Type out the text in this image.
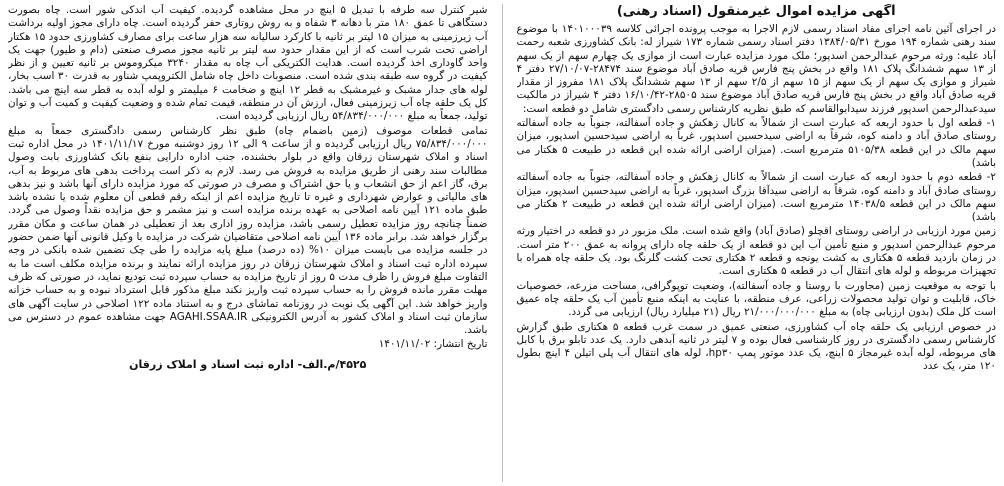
آگهی مزایده اموال غیرمنقول (اسناد رهنی)

در اجرای آئین نامه اجرای مفاد اسناد رسمی لازم الاجرا به موجب پرونده اجرائی کلاسه ۱۴۰۱۰۰۰۳۹ با موضوع سند رهنی شماره ۱۹۴ مورخ ۱۳۸۴/۰۵/۳۱ دفتر اسناد رسمی شماره ۱۷۳ شیراز له: بانک کشاورزی شعبه رحمت آباد علیه: ورثه مرحوم عبدالرحمن اسدپور؛ ملک مورد مزایده عبارت است از موازی یک چهارم سهم از یک سهم از ۱۳ سهم ششدانگ پلاک ۱۸۱ واقع در بخش پنج فارس قریه صادق آباد موضوع سند ۲۸۴۷۴-۲۷/۱۰/۰۷ دفتر ۴ شیراز و موازی یک سهم از یک سهم از ۱۵ سهم از ۲/۵ سهم از ۱۳ سهم ششدانگ پلاک ۱۸۱ مفروز از مقدار قریه صادق آباد واقع در بخش پنج فارس قریه صادق آباد موضوع سند ۲۸۵۰۵-۱۶/۱۰/۴۲ دفتر ۴ شیراز در مالکیت سیدعبدالرحمن اسدپور فرزند سیدابوالقاسم که طبق نظریه کارشناس رسمی دادگستری شامل دو قطعه است:

۱- قطعه اول با حدود اربعه که عبارت است از شمالاً به کانال زهکش و جاده آسفالته، جنوباً به جاده آسفالته روستای صادق آباد و دامنه کوه، شرقاً به اراضی سیدحسین اسدپور، غرباً به اراضی سیدحسین اسدپور، میزان سهم مالک در این قطعه ۵۱۰۵/۳۸ مترمربع است. (میزان اراضی ارائه شده این قطعه در طبیعت ۵ هکتار می باشد)

۲- قطعه دوم با حدود اربعه که عبارت است از شمالاً به کانال زهکش و جاده آسفالته، جنوباً به جاده آسفالته روستای صادق آباد و دامنه کوه، شرقاً به اراضی سیدآقا بزرگ اسدپور، غرباً به اراضی سیدحسین اسدپور، میزان سهم مالک در این قطعه ۱۴۰۳۸/۵ مترمربع است. (میزان اراضی ارائه شده این قطعه در طبیعت ۲ هکتار می باشد)

زمین مورد ارزیابی در اراضی روستای اقچلو (صادق آباد) واقع شده است. ملک مزبور در دو قطعه در اختیار ورثه مرحوم عبدالرحمن اسدپور و منبع تأمین آب این دو قطعه از یک حلقه چاه دارای پروانه به عمق ۲۰۰ متر است. در زمان بازدید قطعه ۵ هکتاری به کشت یونجه و قطعه ۲ هکتاری تحت کشت گلرنگ بود. یک حلقه چاه همراه با تجهیزات مربوطه و لوله های انتقال آب در قطعه ۵ هکتاری است.

با توجه به موقعیت زمین (مجاورت با روستا و جاده آسفالته)، وضعیت توپوگرافی، مساحت مزرعه، خصوصیات خاک، قابلیت و توان تولید محصولات زراعی، عرف منطقه، با عنایت به اینکه منبع تأمین آب یک حلقه چاه عمیق است کل ملک (بدون ارزیابی چاه) به مبلغ ۲۱/۰۰۰/۰۰۰/۰۰۰ ریال (۲۱ میلیارد ریال) ارزیابی می گردد.

در خصوص ارزیابی یک حلقه چاه آب کشاورزی، صنعتی عمیق در سمت غرب قطعه ۵ هکتاری طبق گزارش کارشناس رسمی دادگستری در روز کارشناسی فعال بوده و ۷ لیتر در ثانیه آبدهی دارد. یک عدد تابلو برق با کابل های مربوطه، لوله آبده غیرمجاز ۵ اینچ، یک عدد موتور پمپ hp۳۰، لوله های انتقال آب پلی اتیلن ۴ اینچ بطول ۱۲۰ متر، یک عدد

شیر کنترل سه طرفه با تبدیل ۵ اینچ در محل مشاهده گردیده. کیفیت آب اندکی شور است. چاه بصورت دستگاهی تا عمق ۱۸۰ متر با دهانه ۳ شفاه و به روش روتاری حفر گردیده است. چاه دارای مجوز اولیه برداشت آب زیرزمینی به میزان ۱۵ لیتر بر ثانیه با کارکرد سالیانه سه هزار ساعت برای مصارف کشاورزی حدود ۱۵ هکتار اراضی تحت شرب است که از این مقدار حدود سه لیتر بر ثانیه مجوز مصرف صنعتی (دام و طیور) جهت یک واحد گاوداری اخذ گردیده است. هدایت الکتریکی آب چاه به مقدار ۳۲۴۰ میکروموس بر ثانیه تعیین و از نظر کیفیت در گروه سه طبقه بندی شده است. منصوبات داخل چاه شامل الکتروپمپ شناور به قدرت ۳۰ اسب بخار، لوله های جدار مشبک و غیرمشبک به قطر ۱۲ اینچ و ضخامت ۶ میلیمتر و لوله آبده به قطر سه اینچ می باشد. کل یک حلقه چاه آب زیرزمینی فعال، ارزش آن در منطقه، قیمت تمام شده و وضعیت کیفیت و کمیت آب و توان تولید، جمعاً به مبلغ ۵۴/۸۳۴/۰۰۰/۰۰۰ ریال ارزیابی گردیده است.

تمامی قطعات موصوف (زمین باضمام چاه) طبق نظر کارشناس رسمی دادگستری جمعاً به مبلغ ۷۵/۸۳۴/۰۰۰/۰۰۰ ریال ارزیابی گردیده و از ساعت ۹ الی ۱۲ روز دوشنبه مورخ ۱۴۰۱/۱۱/۱۷ در محل اداره ثبت اسناد و املاک شهرستان زرقان واقع در بلوار بخشنده، جنب اداره دارایی بنفع بانک کشاورزی بابت وصول مطالبات سند رهنی از طریق مزایده به فروش می رسد. لازم به ذکر است پرداخت بدهی های مربوط به آب، برق، گاز اعم از حق انشعاب و یا حق اشتراک و مصرف در صورتی که مورد مزایده دارای آنها باشد و نیز بدهی های مالیاتی و عوارض شهرداری و غیره تا تاریخ مزایده اعم از اینکه رقم قطعی آن معلوم شده یا نشده باشد طبق ماده ۱۲۱ آیین نامه اصلاحی به عهده برنده مزایده است و نیز مشمر و حق مزایده نقداً وصول می گردد. ضمناً چنانچه روز مزایده تعطیل رسمی باشد، مزایده روز اداری بعد از تعطیلی در همان ساعت و مکان مقرر برگزار خواهد شد. برابر ماده ۱۳۶ آیین نامه اصلاحی متقاضیان شرکت در مزایده با وکیل قانونی آنها ضمن حضور در جلسه مزایده می بایست میزان ۱۰% (ده درصد) مبلغ پایه مزایده را طی چک تضمین شده بانکی در وجه سپرده اداره ثبت اسناد و املاک شهرستان زرقان در روز مزایده ارائه نمایند و برنده مزایده مکلف است ما به التفاوت مبلغ فروش را ظرف مدت ۵ روز از تاریخ مزایده به حساب سپرده ثبت تودیع نماید، در صورتی که ظرف مهلت مقرر مانده فروش را به حساب سپرده ثبت واریز نکند مبلغ مذکور قابل استرداد نبوده و به حساب خزانه واریز خواهد شد. این آگهی یک نوبت در روزنامه تماشای درج و به استناد ماده ۱۲۲ اصلاحی در سایت آگهی های سازمان ثبت اسناد و املاک کشور به آدرس الکترونیکی AGAHI.SSAA.IR جهت مشاهده عموم در دسترس می باشد.

تاریخ انتشار: ۱۴۰۱/۱۱/۰۲

۴۵۲۵/م.الف- اداره ثبت اسناد و املاک زرقان
